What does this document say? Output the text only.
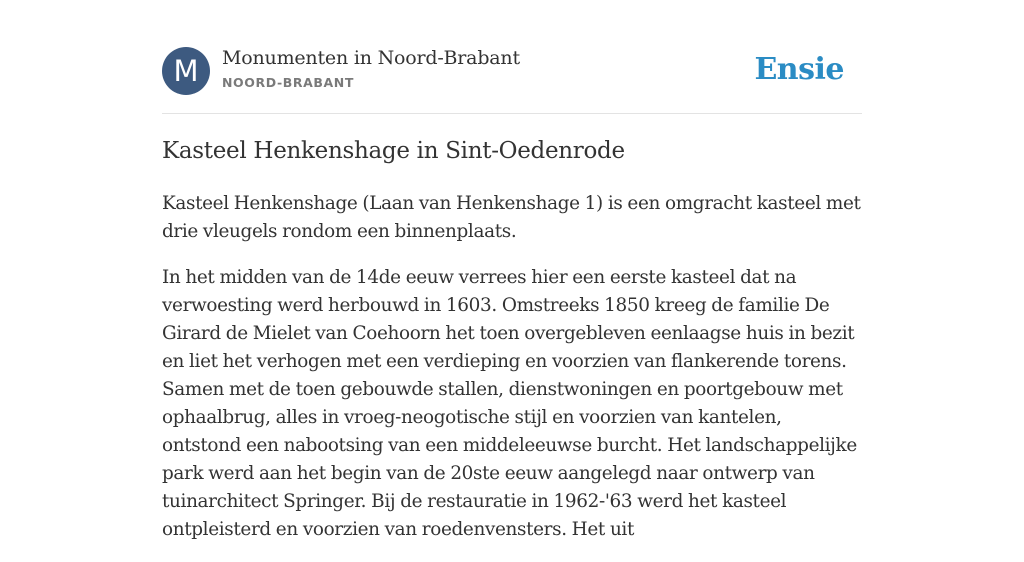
M	Monumenten in Noord-Brabant
NOORD-BRABANT	Ensie
Kasteel Henkenshage in Sint-Oedenrode

Kasteel Henkenshage (Laan van Henkenshage 1) is een omgracht kasteel met drie vleugels rondom een binnenplaats.

In het midden van de 14de eeuw verrees hier een eerste kasteel dat na verwoesting werd herbouwd in 1603. Omstreeks 1850 kreeg de familie De Girard de Mielet van Coehoorn het toen overgebleven eenlaagse huis in bezit en liet het verhogen met een verdieping en voorzien van flankerende torens. Samen met de toen gebouwde stallen, dienstwoningen en poortgebouw met ophaalbrug, alles in vroeg-neogotische stijl en voorzien van kantelen, ontstond een nabootsing van een middeleeuwse burcht. Het landschappelijke park werd aan het begin van de 20ste eeuw aangelegd naar ontwerp van tuinarchitect Springer. Bij de restauratie in 1962-'63 werd het kasteel ontpleisterd en voorzien van roedenvensters. Het uit
